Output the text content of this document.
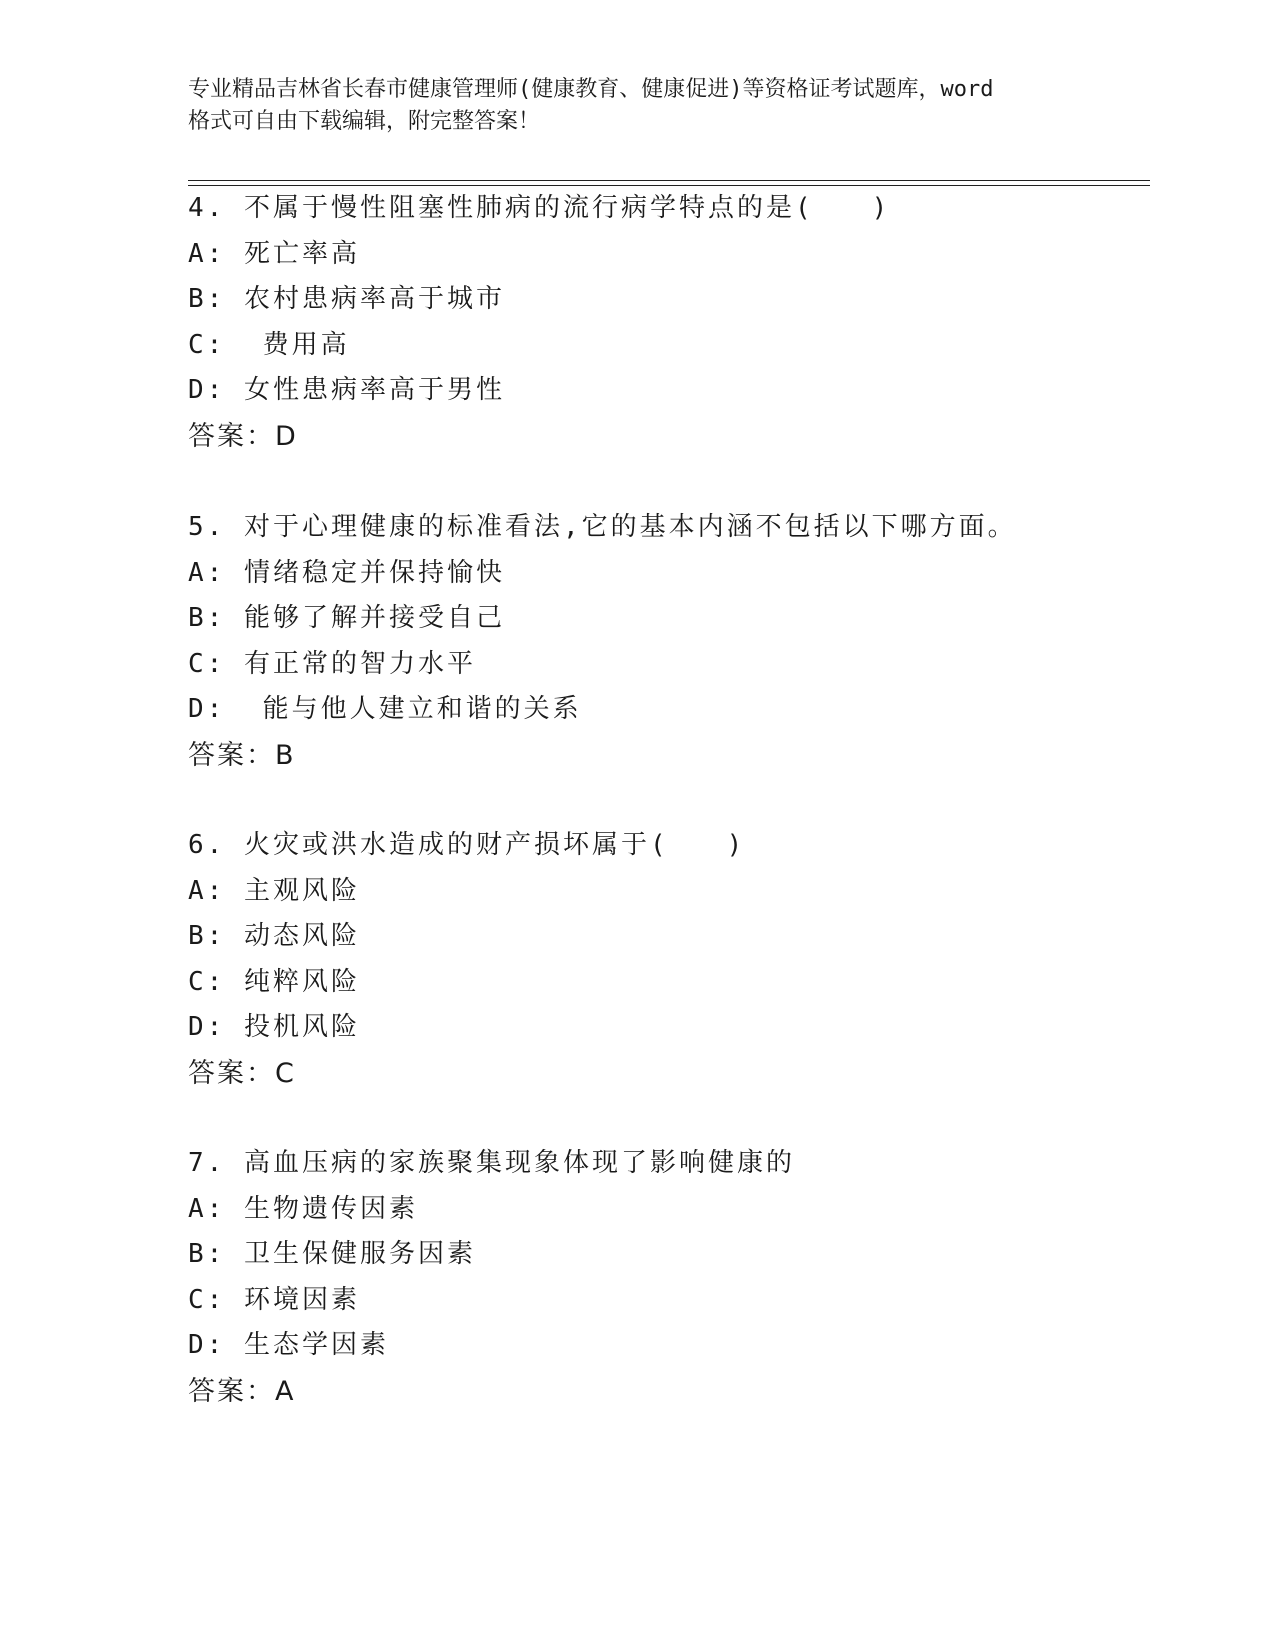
专业精品吉林省长春市健康管理师(健康教育、健康促进)等资格证考试题库，word
格式可自由下载编辑，附完整答案！
4. 不属于慢性阻塞性肺病的流行病学特点的是(　　)
A: 死亡率高
B: 农村患病率高于城市
C:  费用高
D: 女性患病率高于男性
答案：D
5. 对于心理健康的标准看法,它的基本内涵不包括以下哪方面。
A: 情绪稳定并保持愉快
B: 能够了解并接受自己
C: 有正常的智力水平
D:  能与他人建立和谐的关系
答案：B
6. 火灾或洪水造成的财产损坏属于(　　)
A: 主观风险
B: 动态风险
C: 纯粹风险
D: 投机风险
答案：C
7. 高血压病的家族聚集现象体现了影响健康的
A: 生物遗传因素
B: 卫生保健服务因素
C: 环境因素
D: 生态学因素
答案：A
